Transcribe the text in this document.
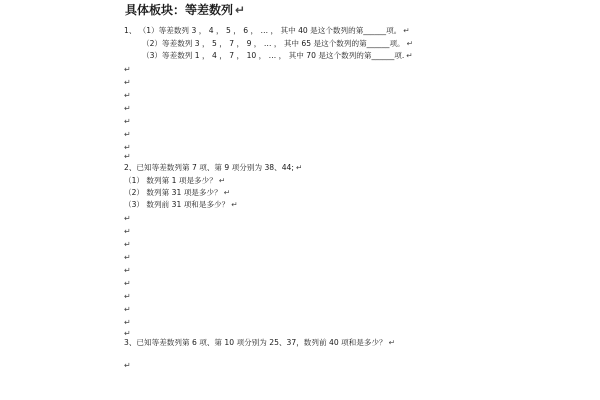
具体板块：等差数列 ↵
1、 （1）等差数列 3 ， 4 ， 5 ， 6 ， … ， 其中 40 是这个数列的第______项。 ↵
（2）等差数列 3 ， 5 ， 7 ， 9 ， … ， 其中 65 是这个数列的第______项。 ↵
（3）等差数列 1 ， 4 ， 7 ， 10 ， … ， 其中 70 是这个数列的第______项. ↵
↵
↵
↵
↵
↵
↵
↵
↵
2、已知等差数列第 7 项、第 9 项分别为 38、44; ↵
（1） 数列第 1 项是多少？ ↵
（2） 数列第 31 项是多少？ ↵
（3） 数列前 31 项和是多少？ ↵
↵
↵
↵
↵
↵
↵
↵
↵
↵
↵
3、已知等差数列第 6 项、第 10 项分别为 25、37，数列前 40 项和是多少？ ↵
↵
